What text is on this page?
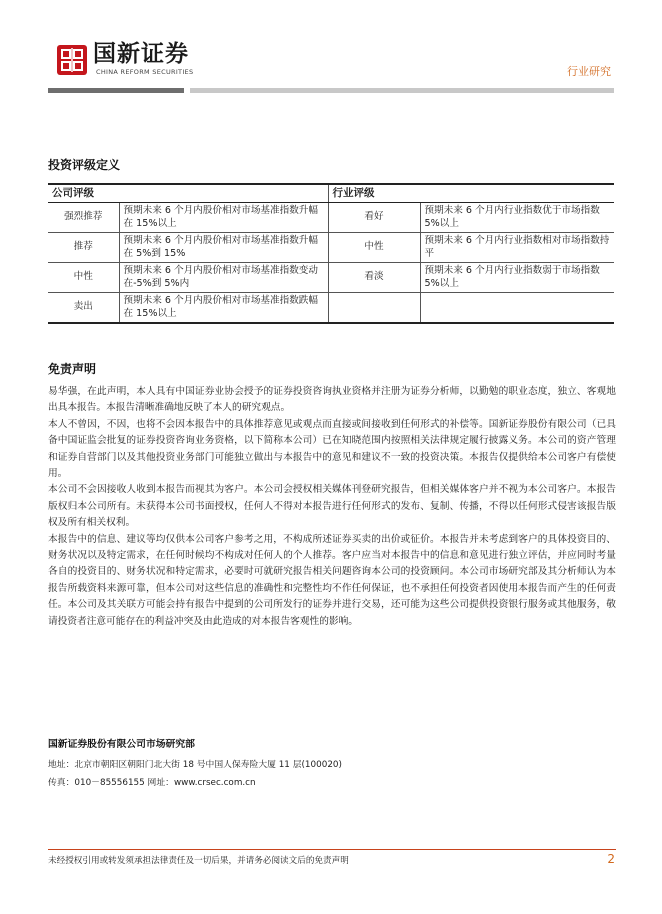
国新证券
CHINA REFORM SECURITIES	行业研究
投资评级定义
公司评级		行业评级	
强烈推荐	预期未来 6 个月内股价相对市场基准指数升幅在 15%以上	看好	预期未来 6 个月内行业指数优于市场指数 5%以上
推荐	预期未来 6 个月内股价相对市场基准指数升幅在 5%到 15%	中性	预期未来 6 个月内行业指数相对市场指数持平
中性	预期未来 6 个月内股价相对市场基准指数变动在-5%到 5%内	看淡	预期未来 6 个月内行业指数弱于市场指数 5%以上
卖出	预期未来 6 个月内股价相对市场基准指数跌幅在 15%以上		
免责声明

易华强，在此声明，本人具有中国证券业协会授予的证券投资咨询执业资格并注册为证券分析师，以勤勉的职业态度，独立、客观地出具本报告。本报告清晰准确地反映了本人的研究观点。

本人不曾因，不因，也将不会因本报告中的具体推荐意见或观点而直接或间接收到任何形式的补偿等。国新证券股份有限公司（已具备中国证监会批复的证券投资咨询业务资格，以下简称本公司）已在知晓范围内按照相关法律规定履行披露义务。本公司的资产管理和证券自营部门以及其他投资业务部门可能独立做出与本报告中的意见和建议不一致的投资决策。本报告仅提供给本公司客户有偿使用。

本公司不会因接收人收到本报告而视其为客户。本公司会授权相关媒体刊登研究报告，但相关媒体客户并不视为本公司客户。本报告版权归本公司所有。未获得本公司书面授权，任何人不得对本报告进行任何形式的发布、复制、传播，不得以任何形式侵害该报告版权及所有相关权利。

本报告中的信息、建议等均仅供本公司客户参考之用，不构成所述证券买卖的出价或征价。本报告并未考虑到客户的具体投资目的、财务状况以及特定需求，在任何时候均不构成对任何人的个人推荐。客户应当对本报告中的信息和意见进行独立评估，并应同时考量各自的投资目的、财务状况和特定需求，必要时可就研究报告相关问题咨询本公司的投资顾问。本公司市场研究部及其分析师认为本报告所载资料来源可靠，但本公司对这些信息的准确性和完整性均不作任何保证，也不承担任何投资者因使用本报告而产生的任何责任。本公司及其关联方可能会持有报告中提到的公司所发行的证券并进行交易，还可能为这些公司提供投资银行服务或其他服务，敬请投资者注意可能存在的利益冲突及由此造成的对本报告客观性的影响。

国新证券股份有限公司市场研究部
地址：北京市朝阳区朝阳门北大街 18 号中国人保寿险大厦 11 层(100020)
传真：010－85556155 网址：www.crsec.com.cn
未经授权引用或转发须承担法律责任及一切后果，并请务必阅读文后的免责声明	2
